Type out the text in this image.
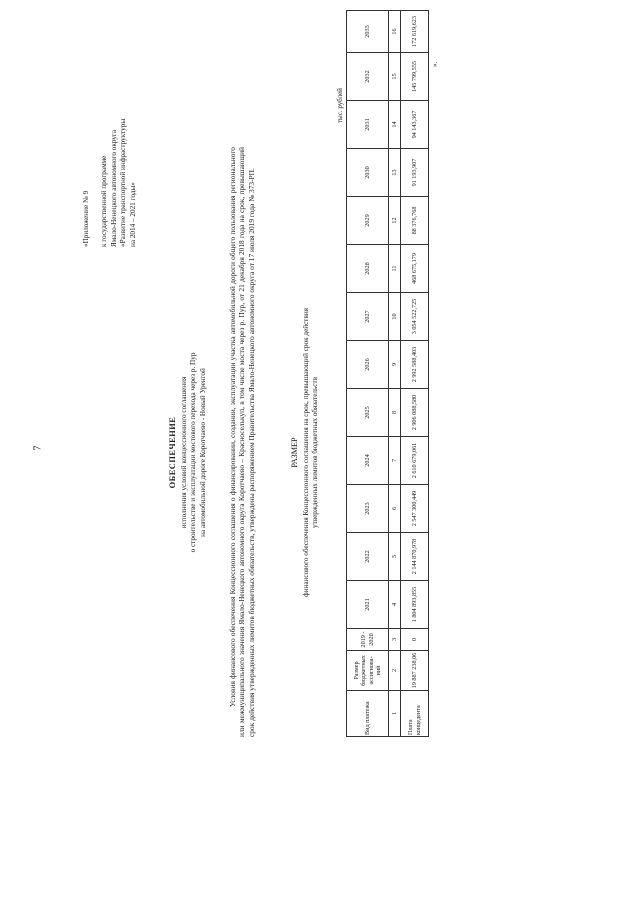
7
«Приложение № 9 к государственной программе Ямало-Ненецкого автономного округа «Развитие транспортной инфраструктуры на 2014 – 2021 годы»
ОБЕСПЕЧЕНИЕ исполнения условий концессионного соглашения о строительстве и эксплуатации мостового перехода через р. Пур на автомобильной дороге Коротчаево - Новый Уренгой	Условия финансового обеспечения Концессионного соглашения о финансировании, создании, эксплуатации участка автомобильной дороги общего пользования регионального или межмуниципального значения Ямало-Ненецкого автономного округа Коротчаево – Красноселькуп, в том числе моста через р. Пур, от 21 декабря 2018 года на срок, превышающий срок действия утвержденных лимитов бюджетных обязательств, утверждены распоряжением Правительства Ямало-Ненецкого автономного округа от 17 июля 2019 года № 373-РП.	РАЗМЕР финансового обеспечения Концессионного соглашения на срок, превышающий срок действия утвержденных лимитов бюджетных обязательств
тыс. рублей
Вид платежа	Размер бюджетных ассигнова-ний	2019 - 2020	2021	2022	2023	2024	2025	2026	2027	2028	2029	2030	2031	2032	2033
1	2	3	4	5	6	7	8	9	10	11	12	13	14	15	16
Плата концедента	19 887 238,06	0	1 804 893,855	2 144 870,978	2 547 300,449	2 610 679,061	2 906 088,580	2 992 588,403	3 054 522,725	468 675,179	88 376,768	91 193,907	94 143,367	145 799,555	172 619,623
».
